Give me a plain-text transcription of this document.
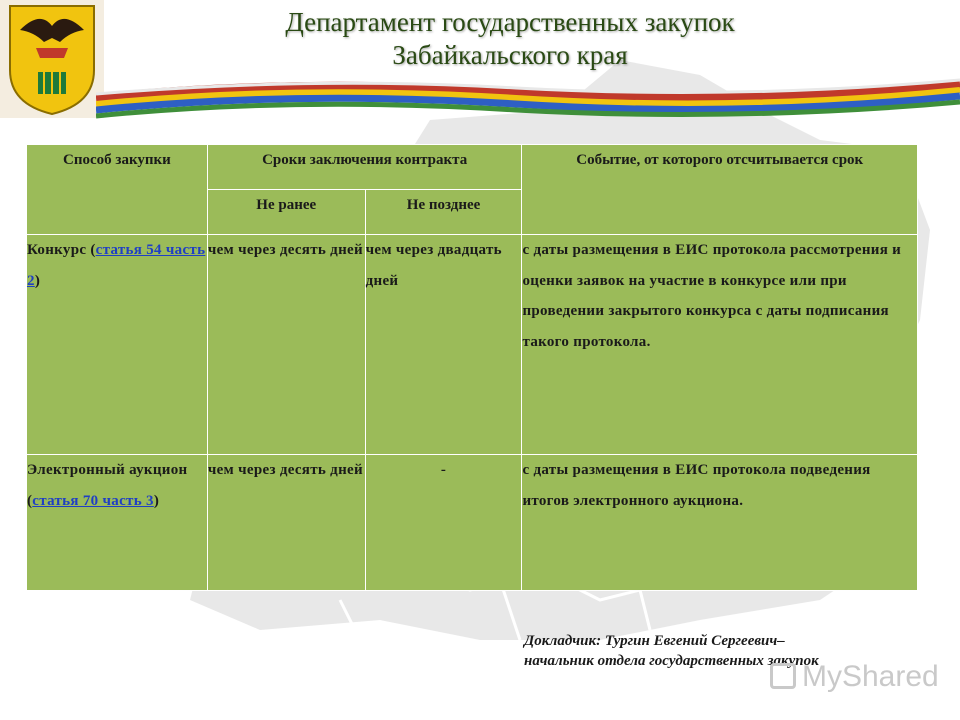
Департамент государственных закупок
Забайкальского края
Способ закупки	Сроки заключения контракта		Событие, от которого отсчитывается срок
	Не ранее	Не позднее	
Конкурс (статья 54 часть 2)	чем через десять дней	чем через двадцать дней	с даты размещения в ЕИС протокола рассмотрения и оценки заявок на участие в конкурсе или при проведении закрытого конкурса с даты подписания такого протокола.
Электронный аукцион (статья 70 часть 3)	чем через десять дней	-	с даты размещения в ЕИС протокола подведения итогов электронного аукциона.
Докладчик: Тургин Евгений Сергеевич–
начальник отдела государственных закупок
MyShared
